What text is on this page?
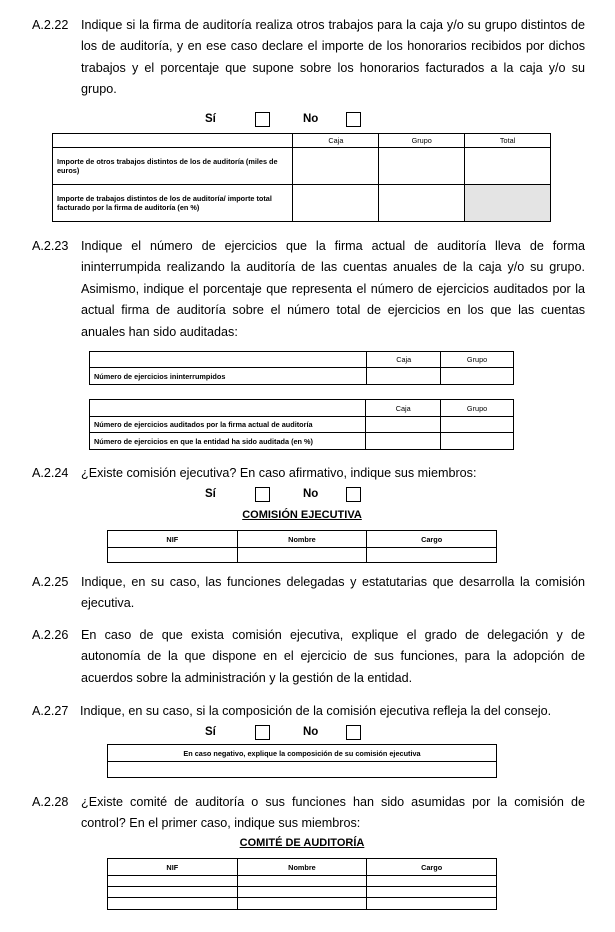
A.2.22 Indique si la firma de auditoría realiza otros trabajos para la caja y/o su grupo distintos de los de auditoría, y en ese caso declare el importe de los honorarios recibidos por dichos trabajos y el porcentaje que supone sobre los honorarios facturados a la caja y/o su grupo.
Sí	No
	Caja	Grupo	Total
Importe de otros trabajos distintos de los de auditoría (miles de euros)			
Importe de trabajos distintos de los de auditoría/ importe total facturado por la firma de auditoría (en %)			
A.2.23 Indique el número de ejercicios que la firma actual de auditoría lleva de forma ininterrumpida realizando la auditoría de las cuentas anuales de la caja y/o su grupo. Asimismo, indique el porcentaje que representa el número de ejercicios auditados por la actual firma de auditoría sobre el número total de ejercicios en los que las cuentas anuales han sido auditadas:
	Caja	Grupo
Número de ejercicios ininterrumpidos		
	Caja	Grupo
Número de ejercicios auditados por la firma actual de auditoría		
Número de ejercicios en que la entidad ha sido auditada (en %)		
A.2.24 ¿Existe comisión ejecutiva? En caso afirmativo, indique sus miembros:
Sí	No
COMISIÓN EJECUTIVA
NIF	Nombre	Cargo

A.2.25 Indique, en su caso, las funciones delegadas y estatutarias que desarrolla la comisión ejecutiva.
A.2.26 En caso de que exista comisión ejecutiva, explique el grado de delegación y de autonomía de la que dispone en el ejercicio de sus funciones, para la adopción de acuerdos sobre la administración y la gestión de la entidad.
A.2.27 Indique, en su caso, si la composición de la comisión ejecutiva refleja la del consejo.
Sí	No
En caso negativo, explique la composición de su comisión ejecutiva

A.2.28 ¿Existe comité de auditoría o sus funciones han sido asumidas por la comisión de control? En el primer caso, indique sus miembros:
COMITÉ DE AUDITORÍA
NIF	Nombre	Cargo
